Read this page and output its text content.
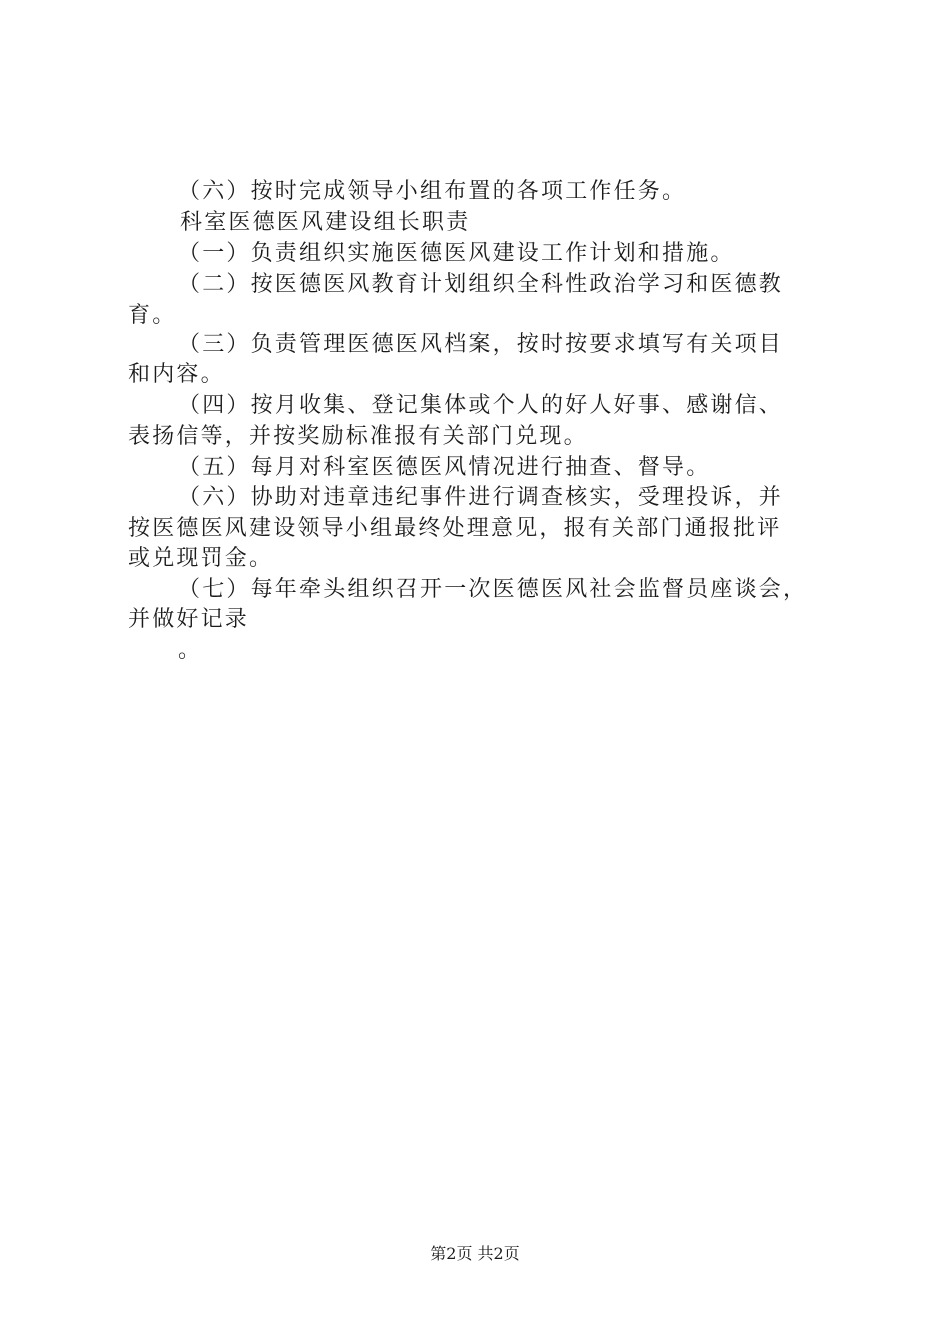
（六）按时完成领导小组布置的各项工作任务。
科室医德医风建设组长职责
（一）负责组织实施医德医风建设工作计划和措施。
（二）按医德医风教育计划组织全科性政治学习和医德教
育。
（三）负责管理医德医风档案，按时按要求填写有关项目
和内容。
（四）按月收集、登记集体或个人的好人好事、感谢信、
表扬信等，并按奖励标准报有关部门兑现。
（五）每月对科室医德医风情况进行抽查、督导。
（六）协助对违章违纪事件进行调查核实，受理投诉，并
按医德医风建设领导小组最终处理意见，报有关部门通报批评
或兑现罚金。
（七）每年牵头组织召开一次医德医风社会监督员座谈会，
并做好记录
。
第2页 共2页
